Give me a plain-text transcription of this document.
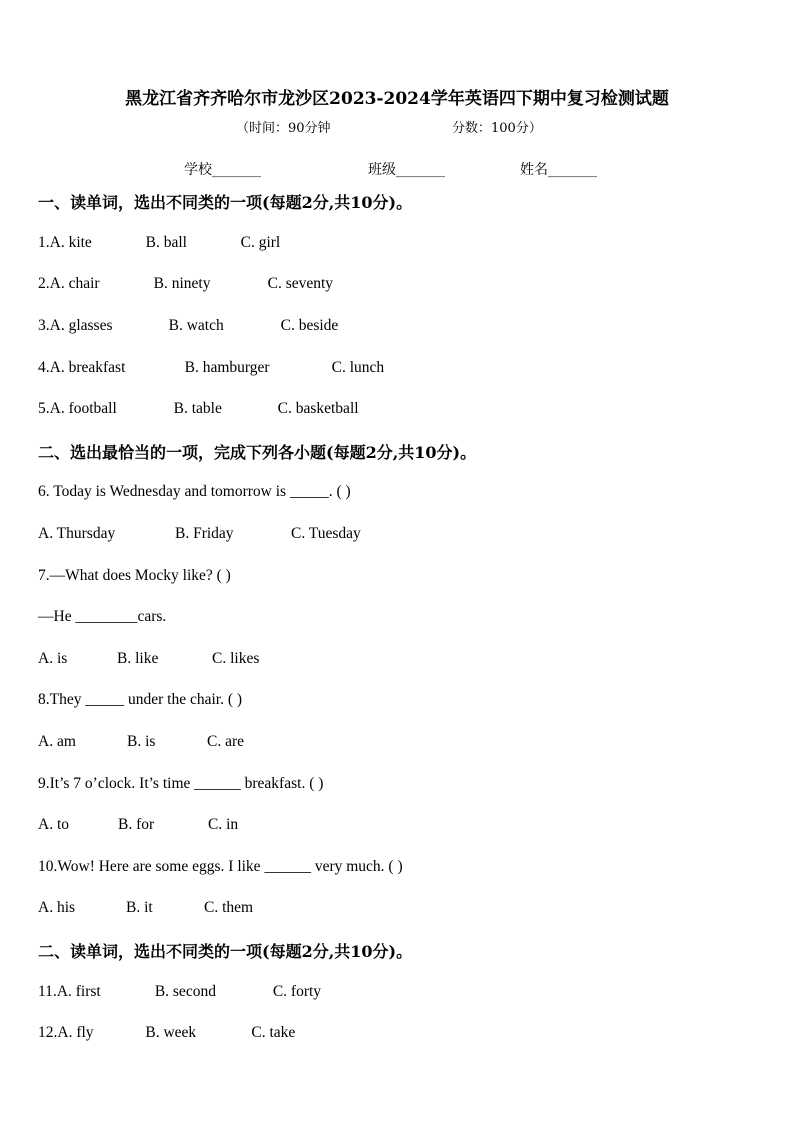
黑龙江省齐齐哈尔市龙沙区2023-2024学年英语四下期中复习检测试题
（时间：90分钟	分数：100分）
学校_______	班级_______	姓名_______
一、读单词，选出不同类的一项(每题2分,共10分)。
1.A. kite	B. ball	C. girl
2.A. chair	B. ninety	C. seventy
3.A. glasses	B. watch	C. beside
4.A. breakfast	B. hamburger	C. lunch
5.A. football	B. table	C. basketball
二、选出最恰当的一项，完成下列各小题(每题2分,共10分)。
6. Today is Wednesday and tomorrow is _____. ( )
A. Thursday	B. Friday	C. Tuesday
7.—What does Mocky like? ( )
—He ________cars.
A. is	B. like	C. likes
8.They _____ under the chair. ( )
A. am	B. is	C. are
9.It’s 7 o’clock. It’s time ______ breakfast. ( )
A. to	B. for	C. in
10.Wow! Here are some eggs. I like ______ very much. ( )
A. his	B. it	C. them
二、读单词，选出不同类的一项(每题2分,共10分)。
11.A. first	B. second	C. forty
12.A. fly	B. week	C. take
